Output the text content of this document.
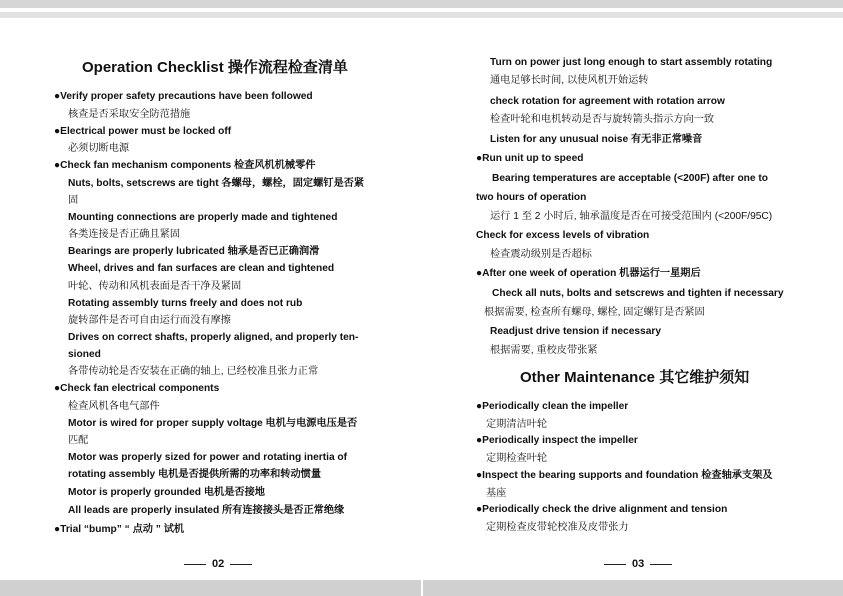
Operation Checklist 操作流程检查清单
●Verify proper safety precautions have been followed
核查是否采取安全防范措施
●Electrical power must be locked off
必须切断电源
●Check fan mechanism components 检查风机机械零件
Nuts, bolts, setscrews are tight 各螺母，螺栓，固定螺钉是否紧
固
Mounting connections are properly made and tightened
各类连接是否正确且紧固
Bearings are properly lubricated 轴承是否已正确润滑
Wheel, drives and fan surfaces are clean and tightened
叶轮、传动和风机表面是否干净及紧固
Rotating assembly turns freely and does not rub
旋转部件是否可自由运行而没有摩擦
Drives on correct shafts, properly aligned, and properly ten-
sioned
各带传动轮是否安装在正确的轴上, 已经校准且张力正常
●Check fan electrical components
检查风机各电气部件
Motor is wired for proper supply voltage 电机与电源电压是否
匹配
Motor was properly sized for power and rotating inertia of
rotating assembly 电机是否提供所需的功率和转动惯量
Motor is properly grounded 电机是否接地
All leads are properly insulated 所有连接接头是否正常绝缘
●Trial “bump” “ 点动 ” 试机
02
Turn on power just long enough to start assembly rotating
通电足够长时间, 以使风机开始运转
check rotation for agreement with rotation arrow
检查叶轮和电机转动是否与旋转箭头指示方向一致
Listen for any unusual noise 有无非正常噪音
●Run unit up to speed
Bearing temperatures are acceptable (<200F) after one to
two hours of operation
运行 1 至 2 小时后, 轴承温度是否在可接受范围内 (<200F/95C)
Check for excess levels of vibration
检查震动级别是否超标
●After one week of operation 机器运行一星期后
Check all nuts, bolts and setscrews and tighten if necessary
根据需要, 检查所有螺母, 螺栓, 固定螺钉是否紧固
Readjust drive tension if necessary
根据需要, 重校皮带张紧
Other Maintenance 其它维护须知
●Periodically clean the impeller
定期清洁叶轮
●Periodically inspect the impeller
定期检查叶轮
●Inspect the bearing supports and foundation 检查轴承支架及
基座
●Periodically check the drive alignment and tension
定期检查皮带轮校准及皮带张力
03
